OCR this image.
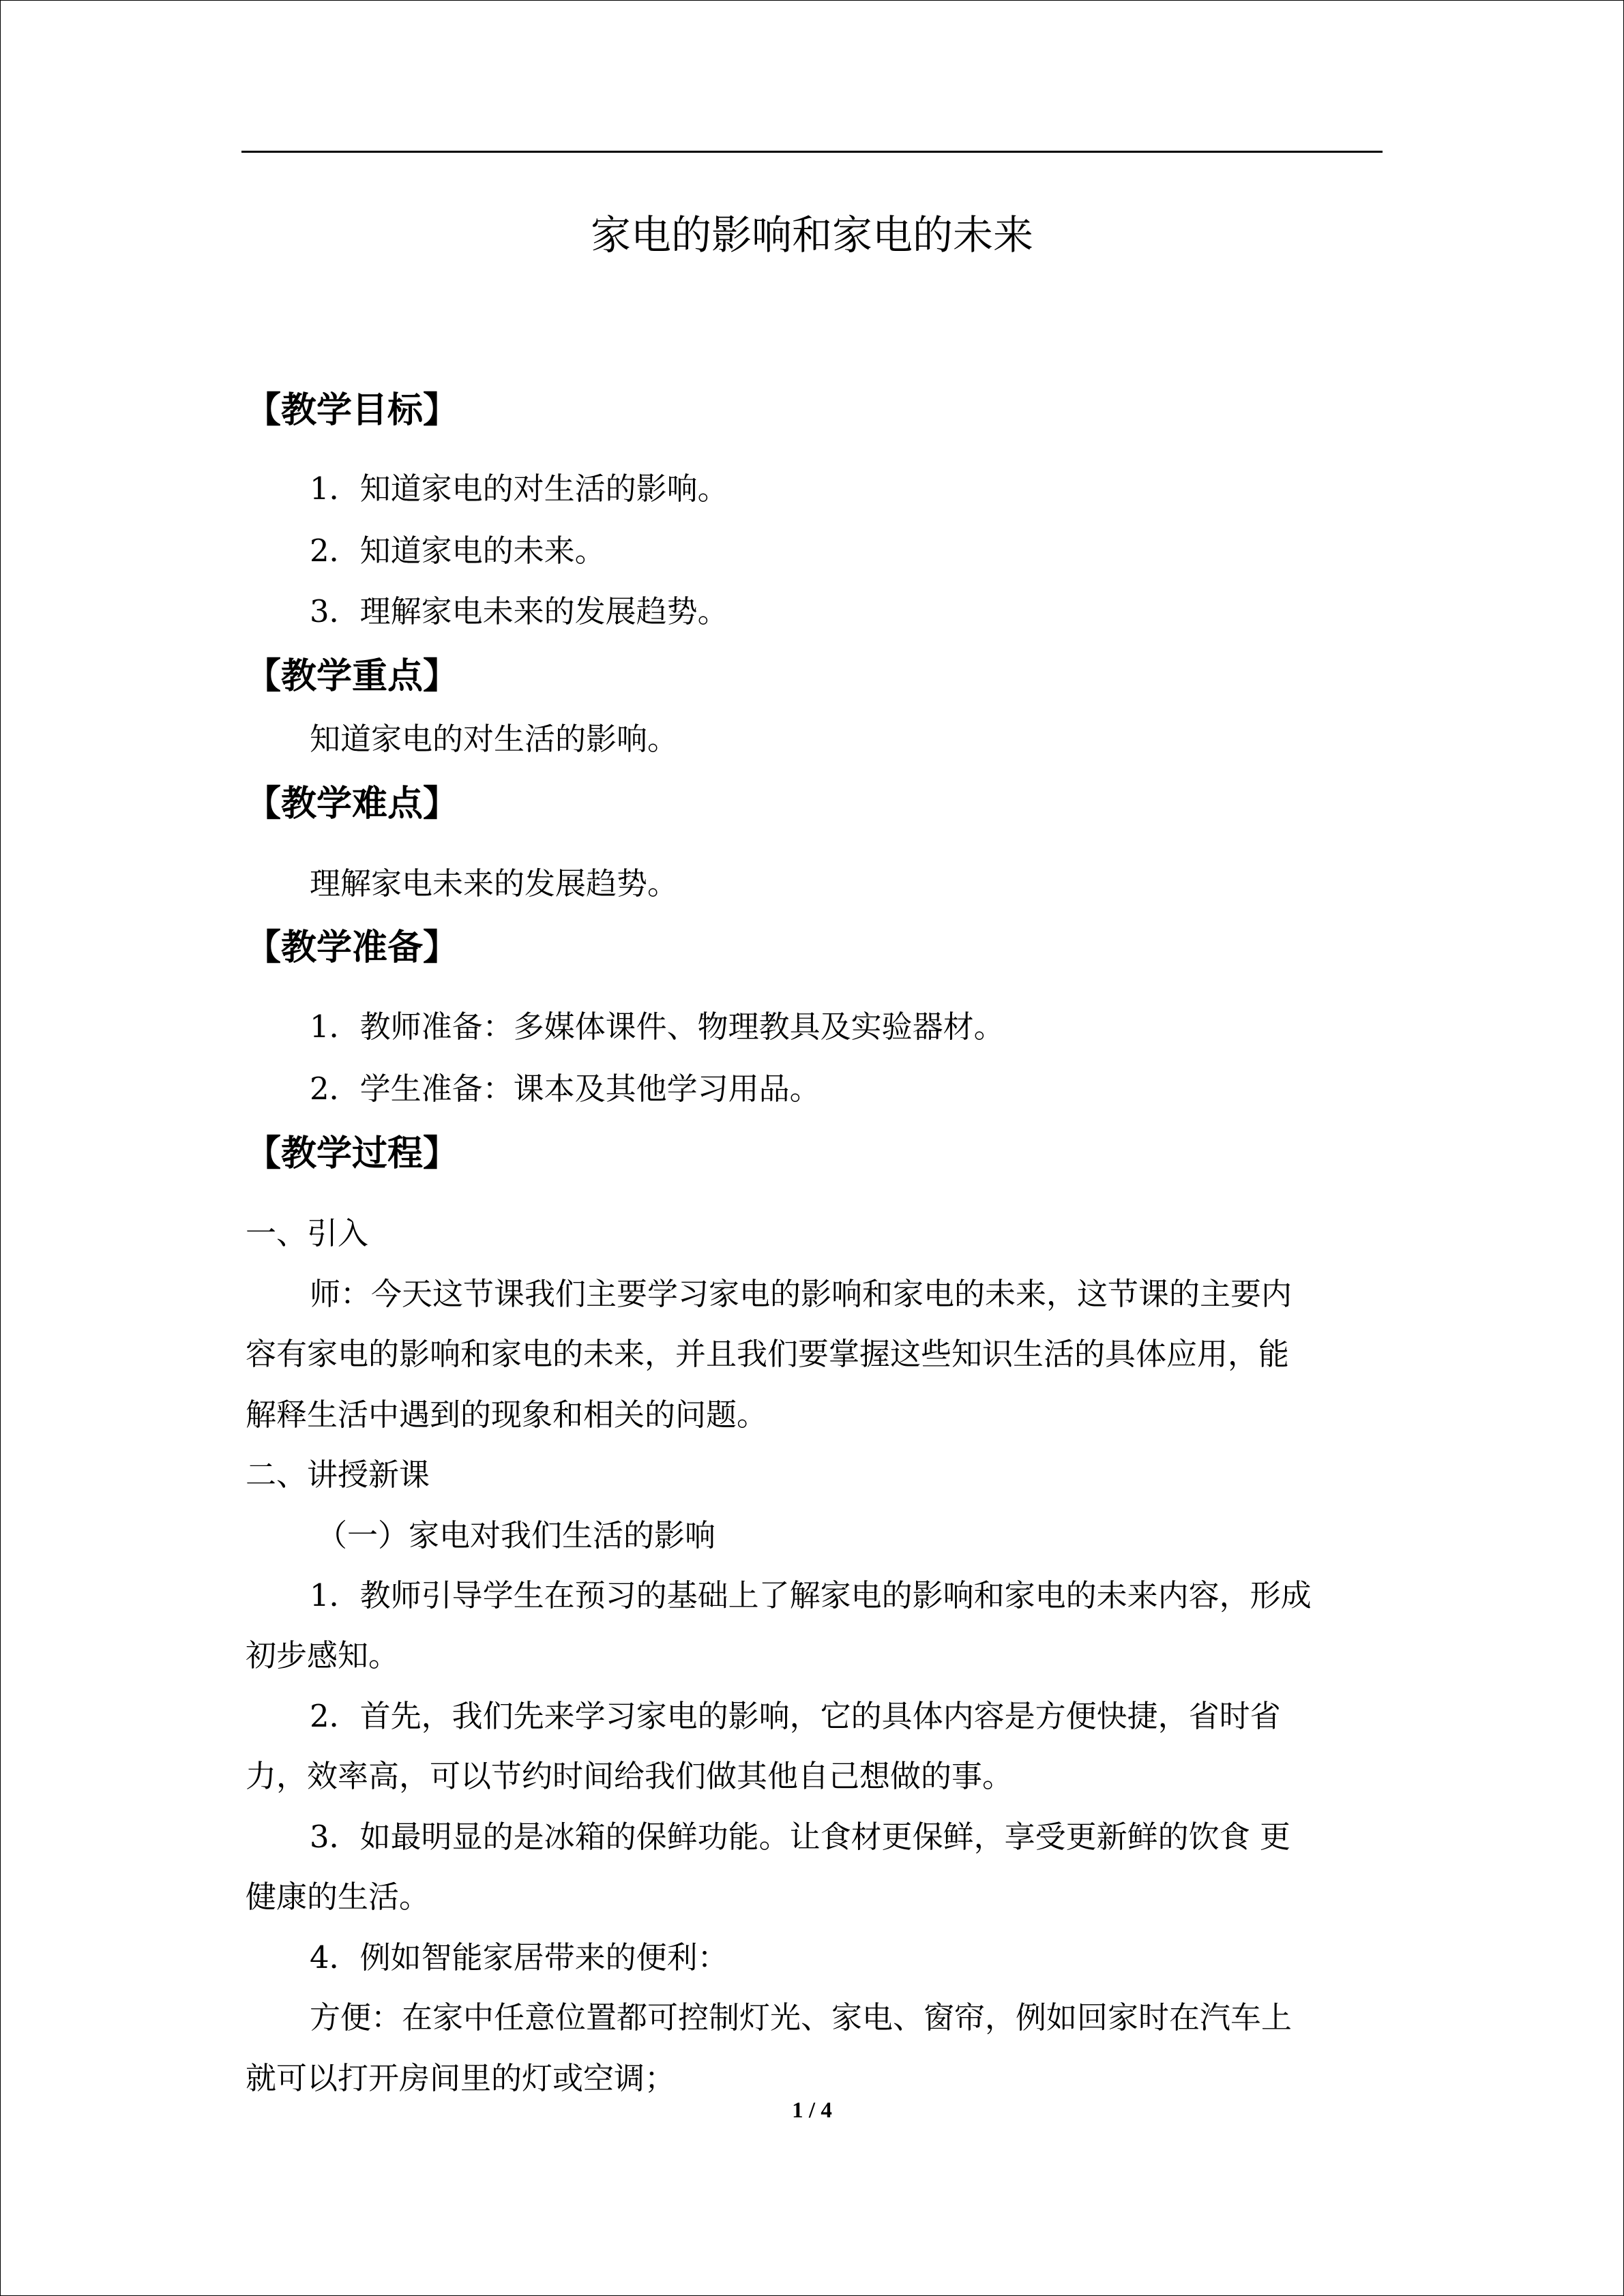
家电的影响和家电的未来
【教学目标】
1．知道家电的对生活的影响。
2．知道家电的未来。
3．理解家电未来的发展趋势。
【教学重点】
知道家电的对生活的影响。
【教学难点】
理解家电未来的发展趋势。
【教学准备】
1．教师准备：多媒体课件、物理教具及实验器材。
2．学生准备：课本及其他学习用品。
【教学过程】
一、引入
师：今天这节课我们主要学习家电的影响和家电的未来，这节课的主要内
容有家电的影响和家电的未来，并且我们要掌握这些知识生活的具体应用，能
解释生活中遇到的现象和相关的问题。
二、讲授新课
（一）家电对我们生活的影响
1．教师引导学生在预习的基础上了解家电的影响和家电的未来内容，形成
初步感知。
2．首先，我们先来学习家电的影响，它的具体内容是方便快捷，省时省
力，效率高，可以节约时间给我们做其他自己想做的事。
3．如最明显的是冰箱的保鲜功能。让食材更保鲜，享受更新鲜的饮食 更
健康的生活。
4．例如智能家居带来的便利：
方便：在家中任意位置都可控制灯光、家电、窗帘，例如回家时在汽车上
就可以打开房间里的灯或空调；
1 / 4
